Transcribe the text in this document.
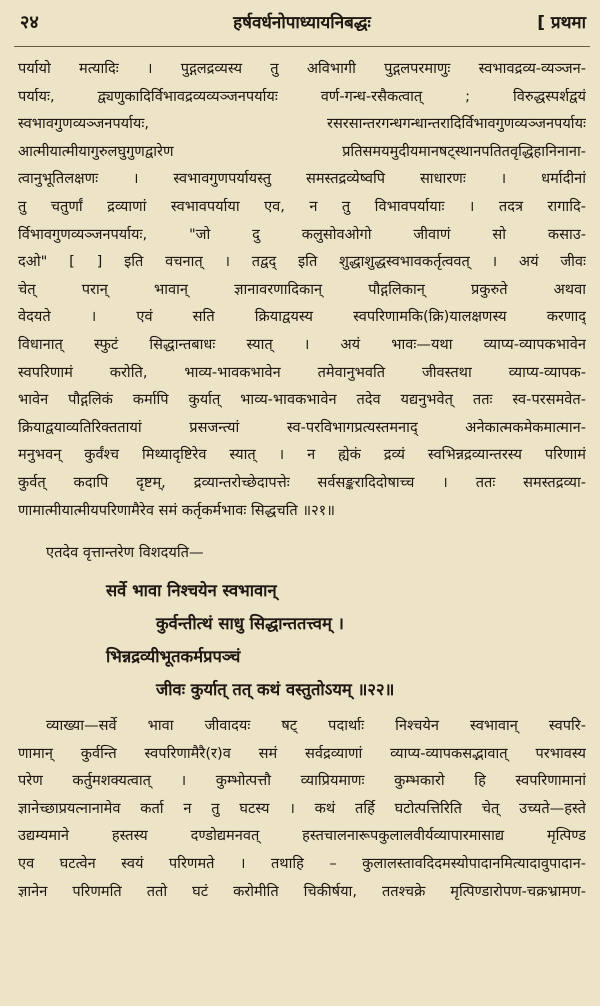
२४	हर्षवर्धनोपाध्यायनिबद्धः	[ प्रथमा
पर्यायो मत्यादिः । पुद्गलद्रव्यस्य तु अविभागी पुद्गलपरमाणुः स्वभावद्रव्य-व्यञ्जन-
पर्यायः, द्व्यणुकादिर्विभावद्रव्यव्यञ्जनपर्यायः वर्ण-गन्ध-रसैकत्वात् ; विरुद्धस्पर्शद्वयं
स्वभावगुणव्यञ्जनपर्यायः, रसरसान्तरगन्धगन्धान्तरादिर्विभावगुणव्यञ्जनपर्यायः
आत्मीयात्मीयागुरुलघुगुणद्वारेण प्रतिसमयमुदीयमानषट्स्थानपतितवृद्धिहानिनाना-
त्वानुभूतिलक्षणः । स्वभावगुणपर्यायस्तु समस्तद्रव्येष्वपि साधारणः । धर्मादीनां
तु चतुर्णां द्रव्याणां स्वभावपर्याया एव, न तु विभावपर्यायाः । तदत्र रागादि-
र्विभावगुणव्यञ्जनपर्यायः, "जो दु कलुसोवओगो जीवाणं सो कसाउ-
दओ" [ ] इति वचनात् । तद्वद् इति शुद्धाशुद्धस्वभावकर्तृत्ववत् । अयं जीवः
चेत् परान् भावान् ज्ञानावरणादिकान् पौद्गलिकान् प्रकुरुते अथवा
वेदयते । एवं सति क्रियाद्वयस्य स्वपरिणामकि(क्रि)यालक्षणस्य करणाद्
विधानात् स्फुटं सिद्धान्तबाधः स्यात् । अयं भावः—यथा व्याप्य-व्यापकभावेन
स्वपरिणामं करोति, भाव्य-भावकभावेन तमेवानुभवति जीवस्तथा व्याप्य-व्यापक-
भावेन पौद्गलिकं कर्मापि कुर्यात् भाव्य-भावकभावेन तदेव यद्यनुभवेत् ततः स्व-परसमवेत-
क्रियाद्वयाव्यतिरिक्ततायां प्रसजन्त्यां स्व-परविभागप्रत्यस्तमनाद् अनेकात्मकमेकमात्मान-
मनुभवन् कुर्वंश्च मिथ्यादृष्टिरेव स्यात् । न ह्येकं द्रव्यं स्वभिन्नद्रव्यान्तरस्य परिणामं
कुर्वत् कदापि दृष्टम्, द्रव्यान्तरोच्छेदापत्तेः सर्वसङ्करादिदोषाच्च । ततः समस्तद्रव्या-
णामात्मीयात्मीयपरिणामैरेव समं कर्तृकर्मभावः सिद्धचति ॥२१॥
एतदेव वृत्तान्तरेण विशदयति—
सर्वे भावा निश्चयेन स्वभावान्
कुर्वन्तीत्थं साधु सिद्धान्ततत्त्वम् ।
भिन्नद्रव्यीभूतकर्मप्रपञ्चं
जीवः कुर्यात् तत् कथं वस्तुतोऽयम् ॥२२॥
व्याख्या—सर्वे भावा जीवादयः षट् पदार्थाः निश्चयेन स्वभावान् स्वपरि-
णामान् कुर्वन्ति स्वपरिणामैरै(र)व समं सर्वद्रव्याणां व्याप्य-व्यापकसद्भावात् परभावस्य
परेण कर्तुमशक्यत्वात् । कुम्भोत्पत्तौ व्याप्रियमाणः कुम्भकारो हि स्वपरिणामानां
ज्ञानेच्छाप्रयत्नानामेव कर्ता न तु घटस्य । कथं तर्हि घटोत्पत्तिरिति चेत् उच्यते—हस्ते
उद्यम्यमाने हस्तस्य दण्डोद्यमनवत् हस्तचालनारूपकुलालवीर्यव्यापारमासाद्य मृत्पिण्ड
एव घटत्वेन स्वयं परिणमते । तथाहि – कुलालस्तावदिदमस्योपादानमित्यादावुपादान-
ज्ञानेन परिणमति ततो घटं करोमीति चिकीर्षया, ततश्चक्रे मृत्पिण्डारोपण-चक्रभ्रामण-
